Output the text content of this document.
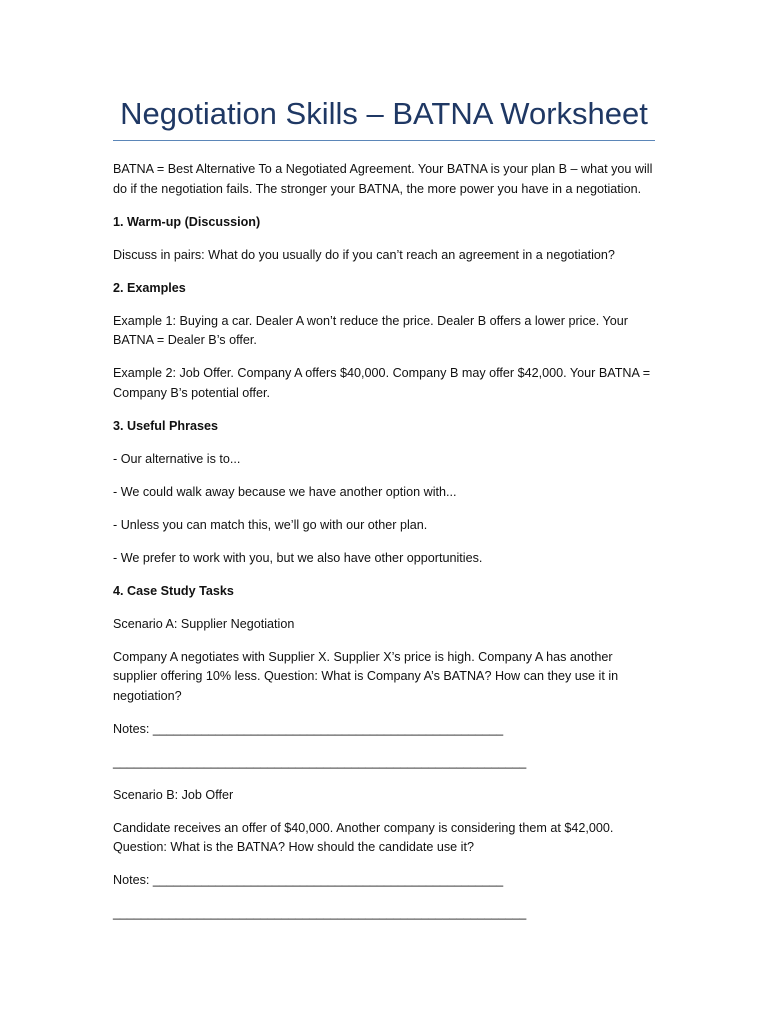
Negotiation Skills – BATNA Worksheet

BATNA = Best Alternative To a Negotiated Agreement. Your BATNA is your plan B – what you will do if the negotiation fails. The stronger your BATNA, the more power you have in a negotiation.

1. Warm-up (Discussion)

Discuss in pairs: What do you usually do if you can’t reach an agreement in a negotiation?

2. Examples

Example 1: Buying a car. Dealer A won’t reduce the price. Dealer B offers a lower price. Your BATNA = Dealer B’s offer.

Example 2: Job Offer. Company A offers $40,000. Company B may offer $42,000. Your BATNA = Company B’s potential offer.

3. Useful Phrases

- Our alternative is to...

- We could walk away because we have another option with...

- Unless you can match this, we’ll go with our other plan.

- We prefer to work with you, but we also have other opportunities.

4. Case Study Tasks

Scenario A: Supplier Negotiation

Company A negotiates with Supplier X. Supplier X’s price is high. Company A has another supplier offering 10% less. Question: What is Company A’s BATNA? How can they use it in negotiation?

Notes: __________________________________________________

___________________________________________________________

Scenario B: Job Offer

Candidate receives an offer of $40,000. Another company is considering them at $42,000. Question: What is the BATNA? How should the candidate use it?

Notes: __________________________________________________

___________________________________________________________
